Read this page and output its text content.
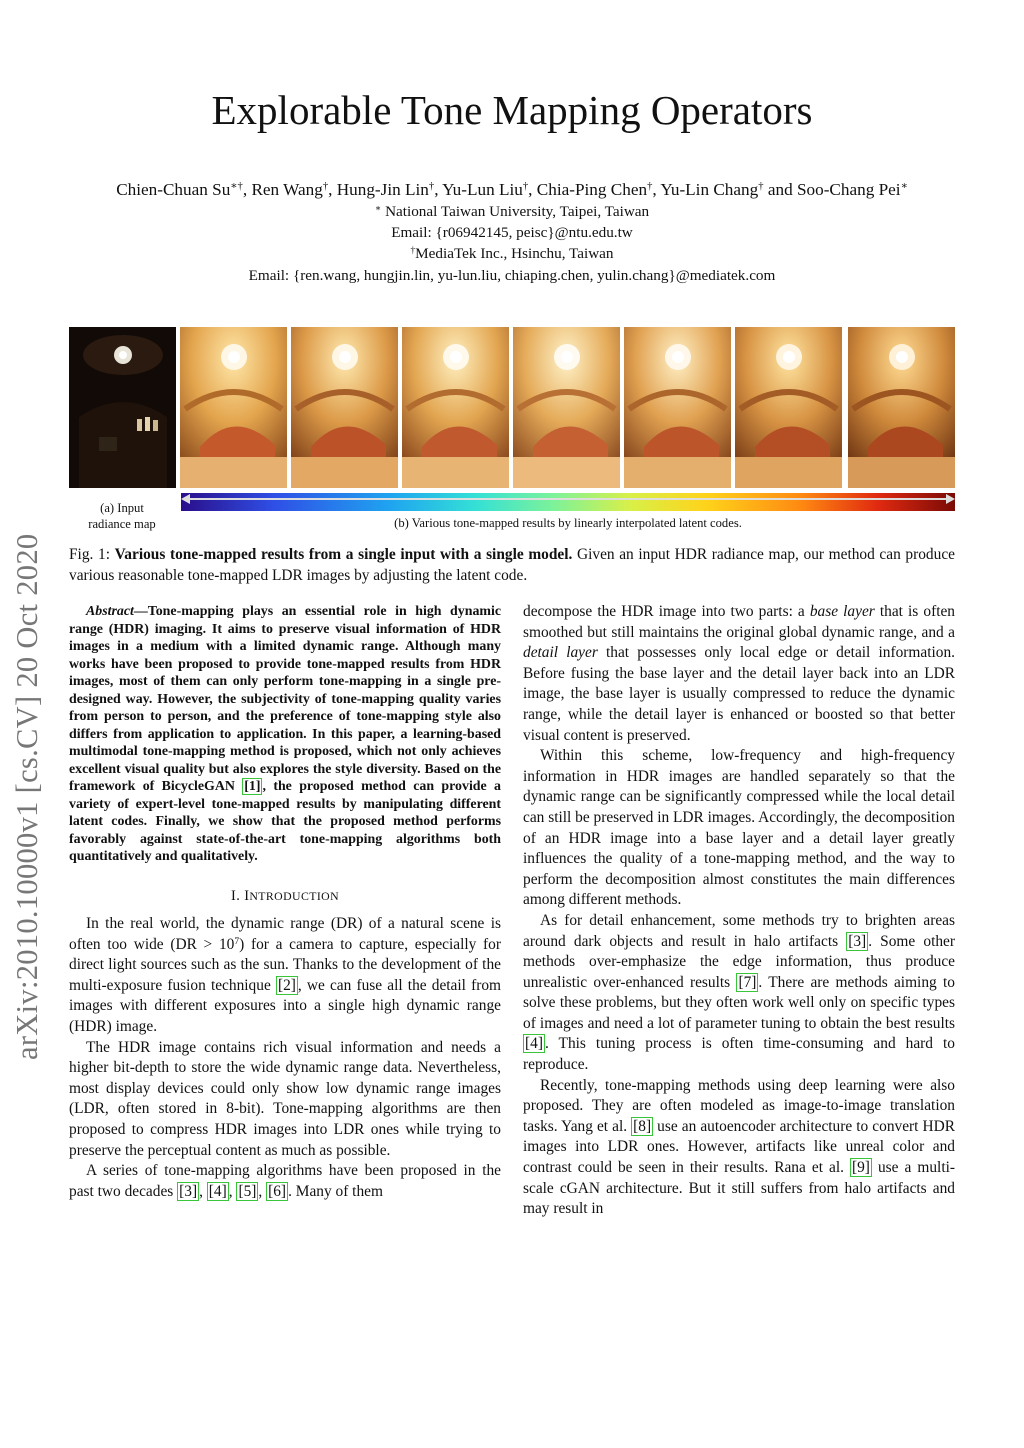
arXiv:2010.10000v1 [cs.CV] 20 Oct 2020
Explorable Tone Mapping Operators
Chien-Chuan Su∗†, Ren Wang†, Hung-Jin Lin†, Yu-Lun Liu†, Chia-Ping Chen†, Yu-Lin Chang† and Soo-Chang Pei∗
∗ National Taiwan University, Taipei, Taiwan
Email: {r06942145, peisc}@ntu.edu.tw
†MediaTek Inc., Hsinchu, Taiwan
Email: {ren.wang, hungjin.lin, yu-lun.liu, chiaping.chen, yulin.chang}@mediatek.com
(a) Input
radiance map	(b) Various tone-mapped results by linearly interpolated latent codes.
Fig. 1: Various tone-mapped results from a single input with a single model. Given an input HDR radiance map, our method can produce various reasonable tone-mapped LDR images by adjusting the latent code.

Abstract—Tone-mapping plays an essential role in high dynamic range (HDR) imaging. It aims to preserve visual information of HDR images in a medium with a limited dynamic range. Although many works have been proposed to provide tone-mapped results from HDR images, most of them can only perform tone-mapping in a single pre-designed way. However, the subjectivity of tone-mapping quality varies from person to person, and the preference of tone-mapping style also differs from application to application. In this paper, a learning-based multimodal tone-mapping method is proposed, which not only achieves excellent visual quality but also explores the style diversity. Based on the framework of BicycleGAN [1] , the proposed method can provide a variety of expert-level tone-mapped results by manipulating different latent codes. Finally, we show that the proposed method performs favorably against state-of-the-art tone-mapping algorithms both quantitatively and qualitatively.

I. INTRODUCTION

In the real world, the dynamic range (DR) of a natural scene is often too wide $(DR > 10^7)$ for a camera to capture, especially for direct light sources such as the sun. Thanks to the development of the multi-exposure fusion technique [2] , we can fuse all the detail from images with different exposures into a single high dynamic range (HDR) image.

The HDR image contains rich visual information and needs a higher bit-depth to store the wide dynamic range data. Nevertheless, most display devices could only show low dynamic range images (LDR, often stored in 8-bit). Tone-mapping algorithms are then proposed to compress HDR images into LDR ones while trying to preserve the perceptual content as much as possible.

A series of tone-mapping algorithms have been proposed in the past two decades [3] , [4] , [5] , [6] . Many of them

decompose the HDR image into two parts: a base layer that is often smoothed but still maintains the original global dynamic range, and a detail layer that possesses only local edge or detail information. Before fusing the base layer and the detail layer back into an LDR image, the base layer is usually compressed to reduce the dynamic range, while the detail layer is enhanced or boosted so that better visual content is preserved.

Within this scheme, low-frequency and high-frequency information in HDR images are handled separately so that the dynamic range can be significantly compressed while the local detail can still be preserved in LDR images. Accordingly, the decomposition of an HDR image into a base layer and a detail layer greatly influences the quality of a tone-mapping method, and the way to perform the decomposition almost constitutes the main differences among different methods.

As for detail enhancement, some methods try to brighten areas around dark objects and result in halo artifacts [3] . Some other methods over-emphasize the edge information, thus produce unrealistic over-enhanced results [7] . There are methods aiming to solve these problems, but they often work well only on specific types of images and need a lot of parameter tuning to obtain the best results [4] . This tuning process is often time-consuming and hard to reproduce.

Recently, tone-mapping methods using deep learning were also proposed. They are often modeled as image-to-image translation tasks. Yang et al. [8] use an autoencoder architecture to convert HDR images into LDR ones. However, artifacts like unreal color and contrast could be seen in their results. Rana et al. [9] use a multi-scale cGAN architecture. But it still suffers from halo artifacts and may result in
